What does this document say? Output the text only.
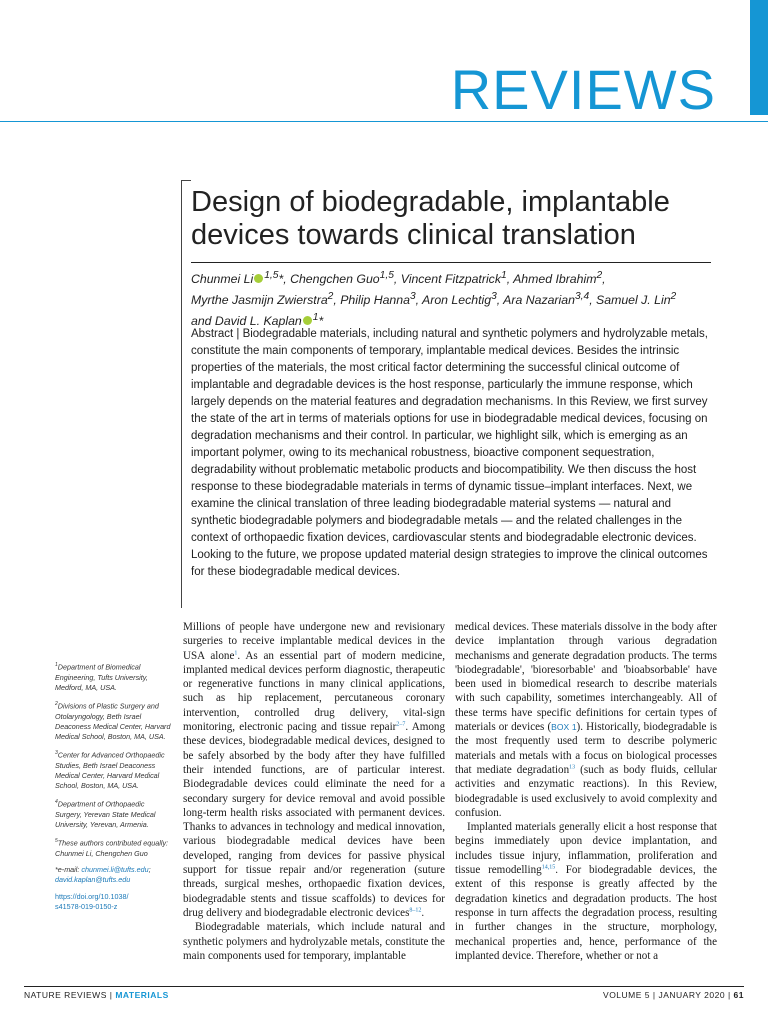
REVIEWS
Design of biodegradable, implantable
devices towards clinical translation
Chunmei Li $^{1,5}$*, Chengchen Guo$^{1,5}$, Vincent Fitzpatrick$^1$, Ahmed Ibrahim$^2$,
Myrthe Jasmijn Zwierstra$^2$, Philip Hanna$^3$, Aron Lechtig$^3$, Ara Nazarian$^{3,4}$, Samuel J. Lin$^2$
and David L. Kaplan $^1$*
Abstract | Biodegradable materials, including natural and synthetic polymers and hydrolyzable metals, constitute the main components of temporary, implantable medical devices. Besides the intrinsic properties of the materials, the most critical factor determining the successful clinical outcome of implantable and degradable devices is the host response, particularly the immune response, which largely depends on the material features and degradation mechanisms. In this Review, we first survey the state of the art in terms of materials options for use in biodegradable medical devices, focusing on degradation mechanisms and their control. In particular, we highlight silk, which is emerging as an important polymer, owing to its mechanical robustness, bioactive component sequestration, degradability without problematic metabolic products and biocompatibility. We then discuss the host response to these biodegradable materials in terms of dynamic tissue–implant interfaces. Next, we examine the clinical translation of three leading biodegradable material systems — natural and synthetic biodegradable polymers and biodegradable metals — and the related challenges in the context of orthopaedic fixation devices, cardiovascular stents and biodegradable electronic devices. Looking to the future, we propose updated material design strategies to improve the clinical outcomes for these biodegradable medical devices.
$^1$Department of Biomedical Engineering, Tufts University, Medford, MA, USA.
$^2$Divisions of Plastic Surgery and Otolaryngology, Beth Israel Deaconess Medical Center, Harvard Medical School, Boston, MA, USA.
$^3$Center for Advanced Orthopaedic Studies, Beth Israel Deaconess Medical Center, Harvard Medical School, Boston, MA, USA.
$^4$Department of Orthopaedic Surgery, Yerevan State Medical University, Yerevan, Armenia.
$^5$These authors contributed equally: Chunmei Li, Chengchen Guo
*e-mail: chunmei.li@tufts.edu;
david.kaplan@tufts.edu
https://doi.org/10.1038/
s41578-019-0150-z

Millions of people have undergone new and revisionary surgeries to receive implantable medical devices in the USA alone$^1$. As an essential part of modern medicine, implanted medical devices perform diagnostic, therapeutic or regenerative functions in many clinical applications, such as hip replacement, percutaneous coronary intervention, controlled drug delivery, vital-sign monitoring, electronic pacing and tissue repair$^{2-7}$. Among these devices, biodegradable medical devices, designed to be safely absorbed by the body after they have fulfilled their intended functions, are of particular interest. Biodegradable devices could eliminate the need for a secondary surgery for device removal and avoid possible long-term health risks associated with permanent devices. Thanks to advances in technology and medical innovation, various biodegradable medical devices have been developed, ranging from devices for passive physical support for tissue repair and/or regeneration (suture threads, surgical meshes, orthopaedic fixation devices, biodegradable stents and tissue scaffolds) to devices for drug delivery and biodegradable electronic devices$^{8-12}$.

Biodegradable materials, which include natural and synthetic polymers and hydrolyzable metals, constitute the main components used for temporary, implantable

medical devices. These materials dissolve in the body after device implantation through various degradation mechanisms and generate degradation products. The terms 'biodegradable', 'bioresorbable' and 'bioabsorbable' have been used in biomedical research to describe materials with such capability, sometimes interchangeably. All of these terms have specific definitions for certain types of materials or devices (BOX 1). Historically, biodegradable is the most frequently used term to describe polymeric materials and metals with a focus on biological processes that mediate degradation$^{13}$ (such as body fluids, cellular activities and enzymatic reactions). In this Review, biodegradable is used exclusively to avoid complexity and confusion.

Implanted materials generally elicit a host response that begins immediately upon device implantation, and includes tissue injury, inflammation, proliferation and tissue remodelling$^{14,15}$. For biodegradable devices, the extent of this response is greatly affected by the degradation kinetics and degradation products. The host response in turn affects the degradation process, resulting in further changes in the structure, morphology, mechanical properties and, hence, performance of the implanted device. Therefore, whether or not a

NATURE REVIEWS | MATERIALS	VOLUME 5 | JANUARY 2020 | 61
